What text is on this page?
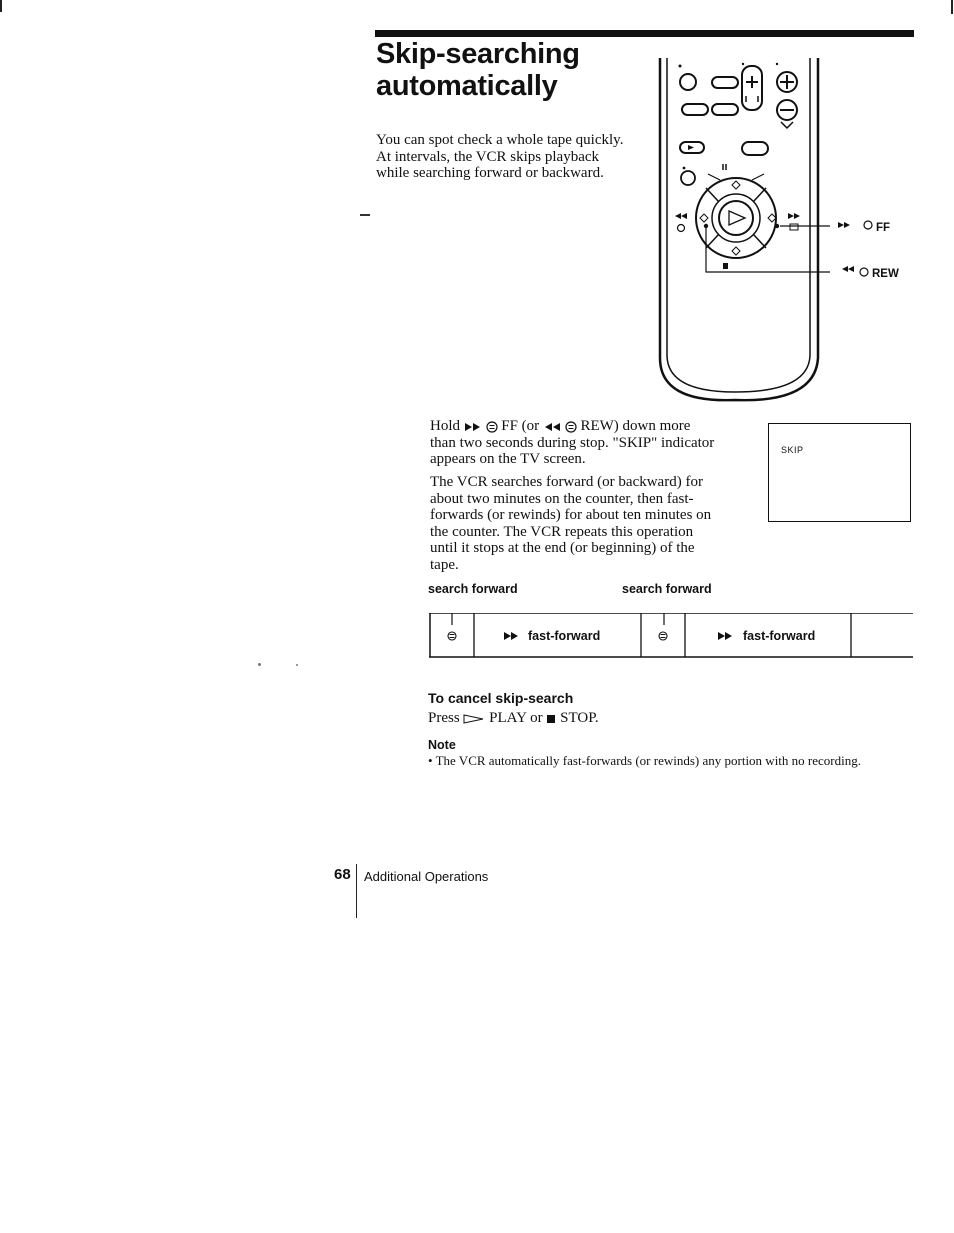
Skip-searching
automatically
You can spot check a whole tape quickly.
At intervals, the VCR skips playback
while searching forward or backward.
FF
REW
Hold	FF (or	REW) down more
than two seconds during stop. "SKIP" indicator
appears on the TV screen.
The VCR searches forward (or backward) for
about two minutes on the counter, then fast-
forwards (or rewinds) for about ten minutes on
the counter. The VCR repeats this operation
until it stops at the end (or beginning) of the
tape.
SKIP
search forward	search forward
fast-forward	fast-forward
To cancel skip-search
Press PLAY or STOP.
Note
• The VCR automatically fast-forwards (or rewinds) any portion with no recording.
68 Additional Operations
